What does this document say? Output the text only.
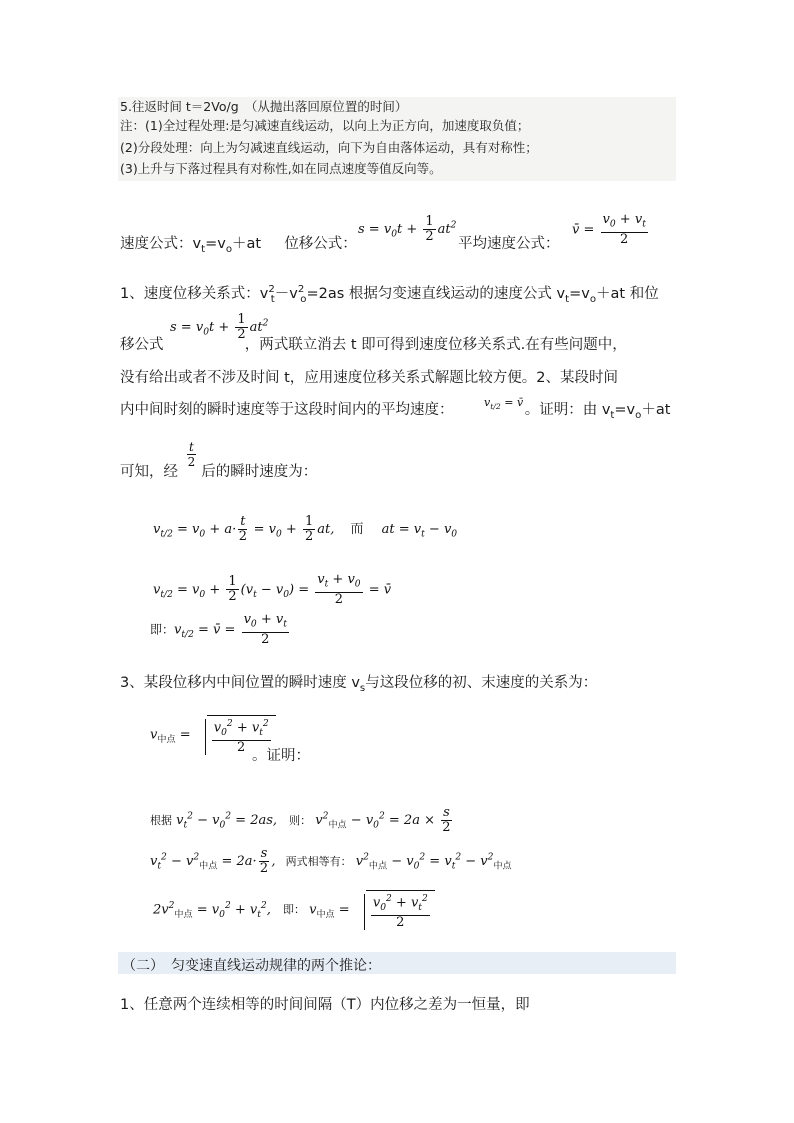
5.往返时间 t＝2Vo/g　（从抛出落回原位置的时间）
注：(1)全过程处理:是匀减速直线运动，以向上为正方向，加速度取负值；
(2)分段处理：向上为匀减速直线运动，向下为自由落体运动，具有对称性；
(3)上升与下落过程具有对称性,如在同点速度等值反向等。
速度公式：$v_t=v_o+at$ 位移公式：
$s = v_0t + \frac{1}{2} at^2$
平均速度公式：
v̄ = $\frac{v_0 + v_t}{2}$
1、速度位移关系式：$v^2_t-v^2_o=2as$ 根据匀变速直线运动的速度公式 $v_t=v_o+at$ 和位
移公式	，两式联立消去 t 即可得到速度位移关系式.在有些问题中，
$s = v_0t + \frac{1}{2} at^2$
没有给出或者不涉及时间 t，应用速度位移关系式解题比较方便。2、某段时间
内中间时刻的瞬时速度等于这段时间内的平均速度：	。证明：由 $v_t=v_o+at$
$v_{t/2}$ = v̄
可知，经 后的瞬时速度为：
$\frac{t}{2}$
$v_{t/2} = v_0 + a\cdot \frac{t}{2} = v_0 + \frac{1}{2}$ at, 而 at = $v_t - v_0$
$v_{t/2} = v_0 + \frac{1}{2} (v_t - v_0) = \frac{v_t + v_0}{2}$ = v̄
即：$v_{t/2}$ = v̄ = $\frac{v_0 + v_t}{2}$
3、某段位移内中间位置的瞬时速度 $v_s$与这段位移的初、末速度的关系为：
$v_{中点} = \frac{v_0^2 + v_t^2}{2}$
。证明：
根据 $v_t^2 - v_0^2 = 2as$, 则： $v^2_{中点} - v_0^2 = 2a \times \frac{s}{2}$
$v_t^2 - v^2_{中点} = 2a\cdot \frac{s}{2}$ , 两式相等有： $v^2_{中点} - v_0^2 = v_t^2 - v^2_{中点}$
$2v^2_{中点} = v_0^2 + v_t^2$, 即： $v_{中点} = \frac{v_0^2 + v_t^2}{2}$
（二）　匀变速直线运动规律的两个推论：
1、任意两个连续相等的时间间隔（T）内位移之差为一恒量，即
